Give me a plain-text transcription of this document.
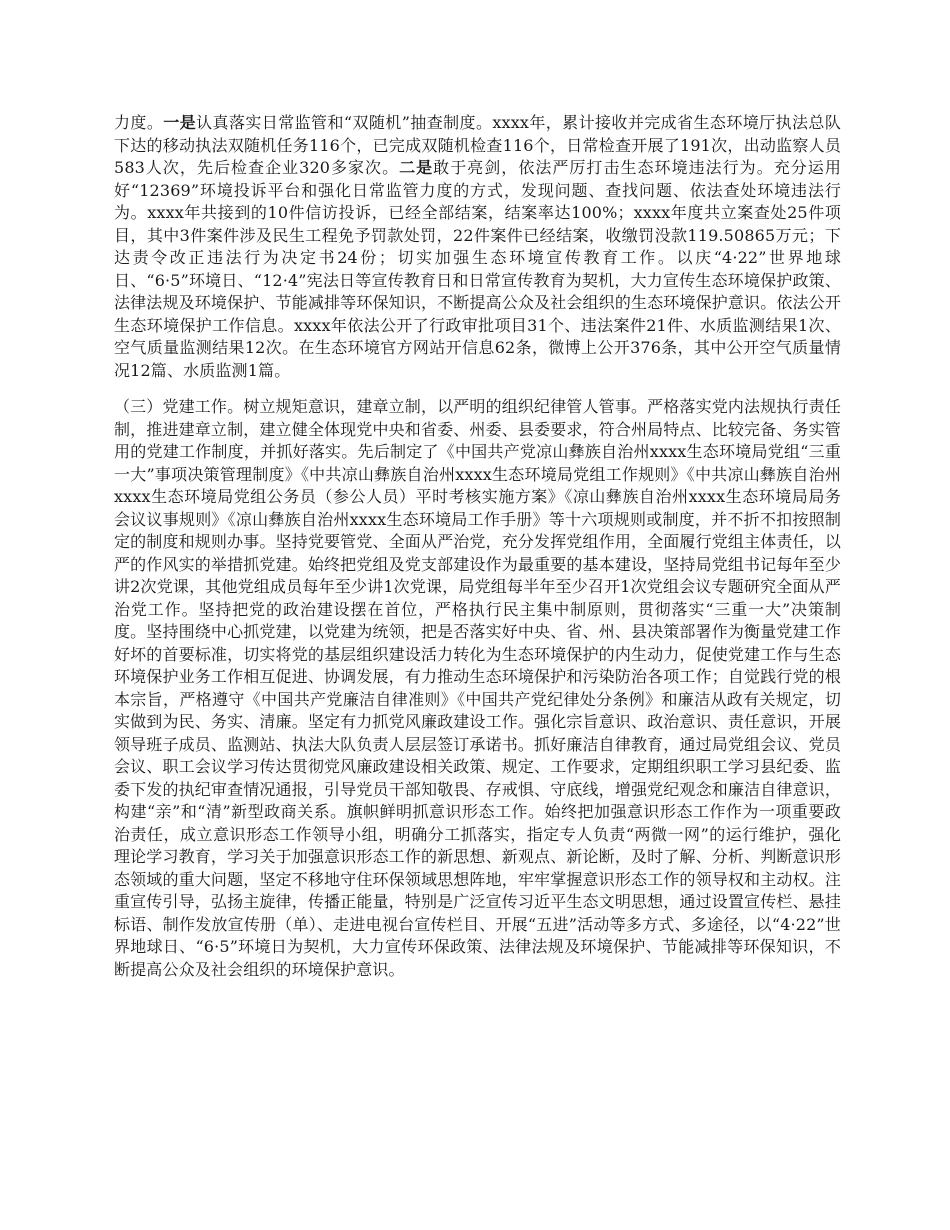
力度。一是认真落实日常监管和“双随机”抽查制度。xxxx年，累计接收并完成省生态环境厅执法总队下达的移动执法双随机任务116个，已完成双随机检查116个，日常检查开展了191次，出动监察人员583人次，先后检查企业320多家次。二是敢于亮剑，依法严厉打击生态环境违法行为。充分运用好“12369”环境投诉平台和强化日常监管力度的方式，发现问题、查找问题、依法查处环境违法行为。xxxx年共接到的10件信访投诉，已经全部结案，结案率达100%；xxxx年度共立案查处25件项目，其中3件案件涉及民生工程免予罚款处罚，22件案件已经结案，收缴罚没款119.50865万元；下达责令改正违法行为决定书24份；切实加强生态环境宣传教育工作。以庆“4·22”世界地球日、“6·5”环境日、“12·4”宪法日等宣传教育日和日常宣传教育为契机，大力宣传生态环境保护政策、法律法规及环境保护、节能减排等环保知识，不断提高公众及社会组织的生态环境保护意识。依法公开生态环境保护工作信息。xxxx年依法公开了行政审批项目31个、违法案件21件、水质监测结果1次、空气质量监测结果12次。在生态环境官方网站开信息62条，微博上公开376条，其中公开空气质量情况12篇、水质监测1篇。

（三）党建工作。树立规矩意识，建章立制，以严明的组织纪律管人管事。严格落实党内法规执行责任制，推进建章立制，建立健全体现党中央和省委、州委、县委要求，符合州局特点、比较完备、务实管用的党建工作制度，并抓好落实。先后制定了《中国共产党凉山彝族自治州xxxx生态环境局党组“三重一大”事项决策管理制度》《中共凉山彝族自治州xxxx生态环境局党组工作规则》《中共凉山彝族自治州xxxx生态环境局党组公务员（参公人员）平时考核实施方案》《凉山彝族自治州xxxx生态环境局局务会议议事规则》《凉山彝族自治州xxxx生态环境局工作手册》等十六项规则或制度，并不折不扣按照制定的制度和规则办事。坚持党要管党、全面从严治党，充分发挥党组作用，全面履行党组主体责任，以严的作风实的举措抓党建。始终把党组及党支部建设作为最重要的基本建设，坚持局党组书记每年至少讲2次党课，其他党组成员每年至少讲1次党课，局党组每半年至少召开1次党组会议专题研究全面从严治党工作。坚持把党的政治建设摆在首位，严格执行民主集中制原则，贯彻落实“三重一大”决策制度。坚持围绕中心抓党建，以党建为统领，把是否落实好中央、省、州、县决策部署作为衡量党建工作好坏的首要标准，切实将党的基层组织建设活力转化为生态环境保护的内生动力，促使党建工作与生态环境保护业务工作相互促进、协调发展，有力推动生态环境保护和污染防治各项工作；自觉践行党的根本宗旨，严格遵守《中国共产党廉洁自律准则》《中国共产党纪律处分条例》和廉洁从政有关规定，切实做到为民、务实、清廉。坚定有力抓党风廉政建设工作。强化宗旨意识、政治意识、责任意识，开展领导班子成员、监测站、执法大队负责人层层签订承诺书。抓好廉洁自律教育，通过局党组会议、党员会议、职工会议学习传达贯彻党风廉政建设相关政策、规定、工作要求，定期组织职工学习县纪委、监委下发的执纪审查情况通报，引导党员干部知敬畏、存戒惧、守底线，增强党纪观念和廉洁自律意识，构建“亲”和“清”新型政商关系。旗帜鲜明抓意识形态工作。始终把加强意识形态工作作为一项重要政治责任，成立意识形态工作领导小组，明确分工抓落实，指定专人负责“两微一网”的运行维护，强化理论学习教育，学习关于加强意识形态工作的新思想、新观点、新论断，及时了解、分析、判断意识形态领域的重大问题，坚定不移地守住环保领域思想阵地，牢牢掌握意识形态工作的领导权和主动权。注重宣传引导，弘扬主旋律，传播正能量，特别是广泛宣传习近平生态文明思想，通过设置宣传栏、悬挂标语、制作发放宣传册（单）、走进电视台宣传栏目、开展“五进”活动等多方式、多途径，以“4·22”世界地球日、“6·5”环境日为契机，大力宣传环保政策、法律法规及环境保护、节能减排等环保知识，不断提高公众及社会组织的环境保护意识。
